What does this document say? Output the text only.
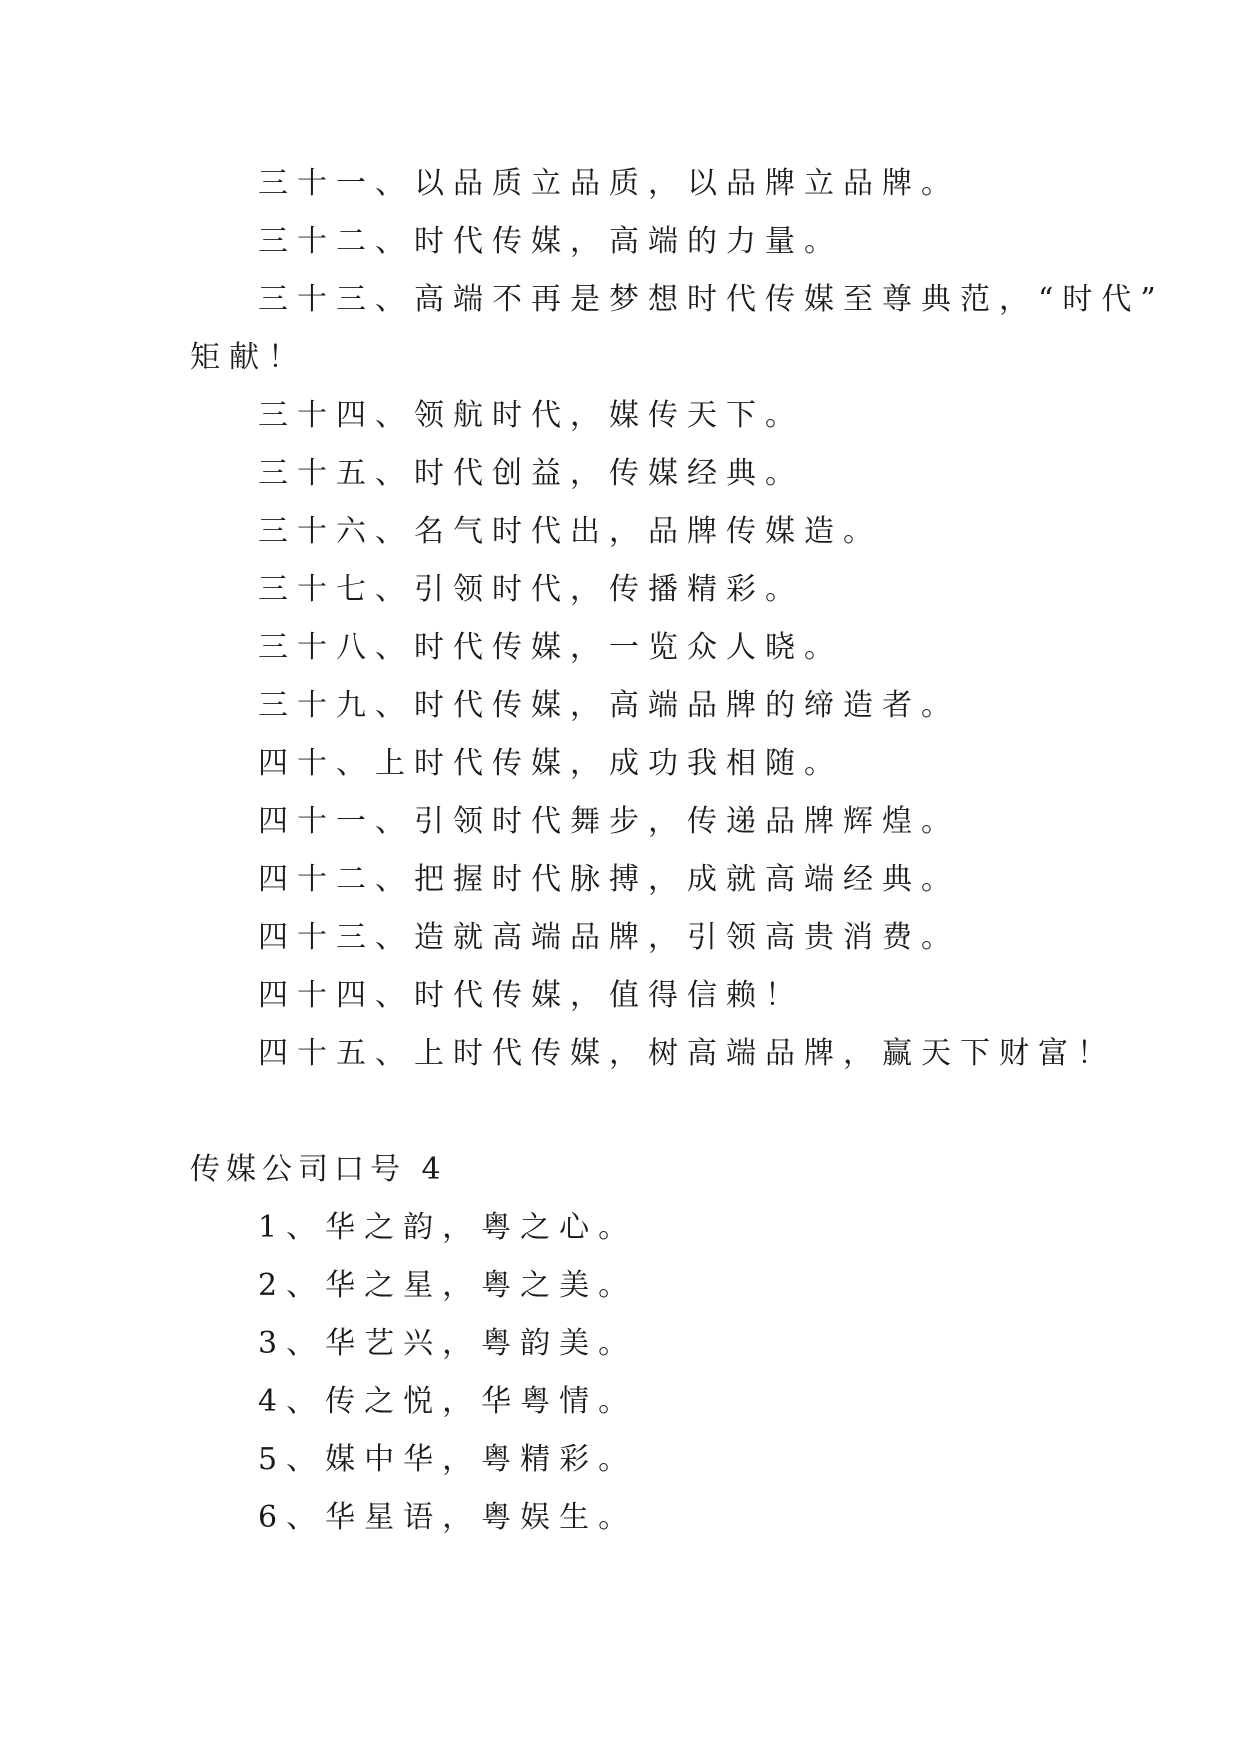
三十一、以品质立品质，以品牌立品牌。
三十二、时代传媒，高端的力量。
三十三、高端不再是梦想时代传媒至尊典范，“时代”
矩献！
三十四、领航时代，媒传天下。
三十五、时代创益，传媒经典。
三十六、名气时代出，品牌传媒造。
三十七、引领时代，传播精彩。
三十八、时代传媒，一览众人晓。
三十九、时代传媒，高端品牌的缔造者。
四十、上时代传媒，成功我相随。
四十一、引领时代舞步，传递品牌辉煌。
四十二、把握时代脉搏，成就高端经典。
四十三、造就高端品牌，引领高贵消费。
四十四、时代传媒，值得信赖！
四十五、上时代传媒，树高端品牌，赢天下财富！
传媒公司口号 4
1、华之韵，粤之心。
2、华之星，粤之美。
3、华艺兴，粤韵美。
4、传之悦，华粤情。
5、媒中华，粤精彩。
6、华星语，粤娱生。
